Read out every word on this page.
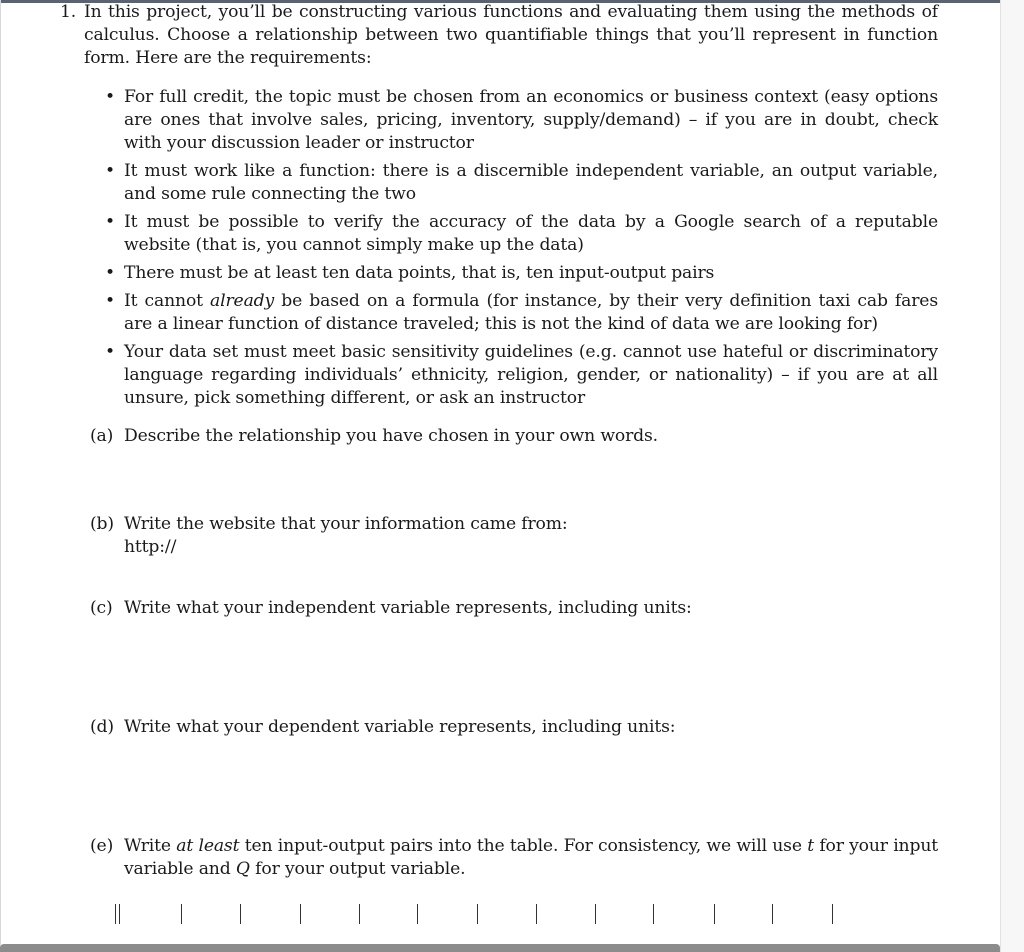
1. In this project, you’ll be constructing various functions and evaluating them using the methods of calculus. Choose a relationship between two quantifiable things that you’ll represent in function form. Here are the requirements:
• For full credit, the topic must be chosen from an economics or business context (easy options are ones that involve sales, pricing, inventory, supply/demand) – if you are in doubt, check with your discussion leader or instructor
• It must work like a function: there is a discernible independent variable, an output variable, and some rule connecting the two
• It must be possible to verify the accuracy of the data by a Google search of a reputable website (that is, you cannot simply make up the data)
• There must be at least ten data points, that is, ten input-output pairs
• It cannot already be based on a formula (for instance, by their very definition taxi cab fares are a linear function of distance traveled; this is not the kind of data we are looking for)
• Your data set must meet basic sensitivity guidelines (e.g. cannot use hateful or discriminatory language regarding individuals’ ethnicity, religion, gender, or nationality) – if you are at all unsure, pick something different, or ask an instructor
(a) Describe the relationship you have chosen in your own words.
(b) Write the website that your information came from:
http://
(c) Write what your independent variable represents, including units:
(d) Write what your dependent variable represents, including units:
(e) Write at least ten input-output pairs into the table. For consistency, we will use t for your input variable and Q for your output variable.
